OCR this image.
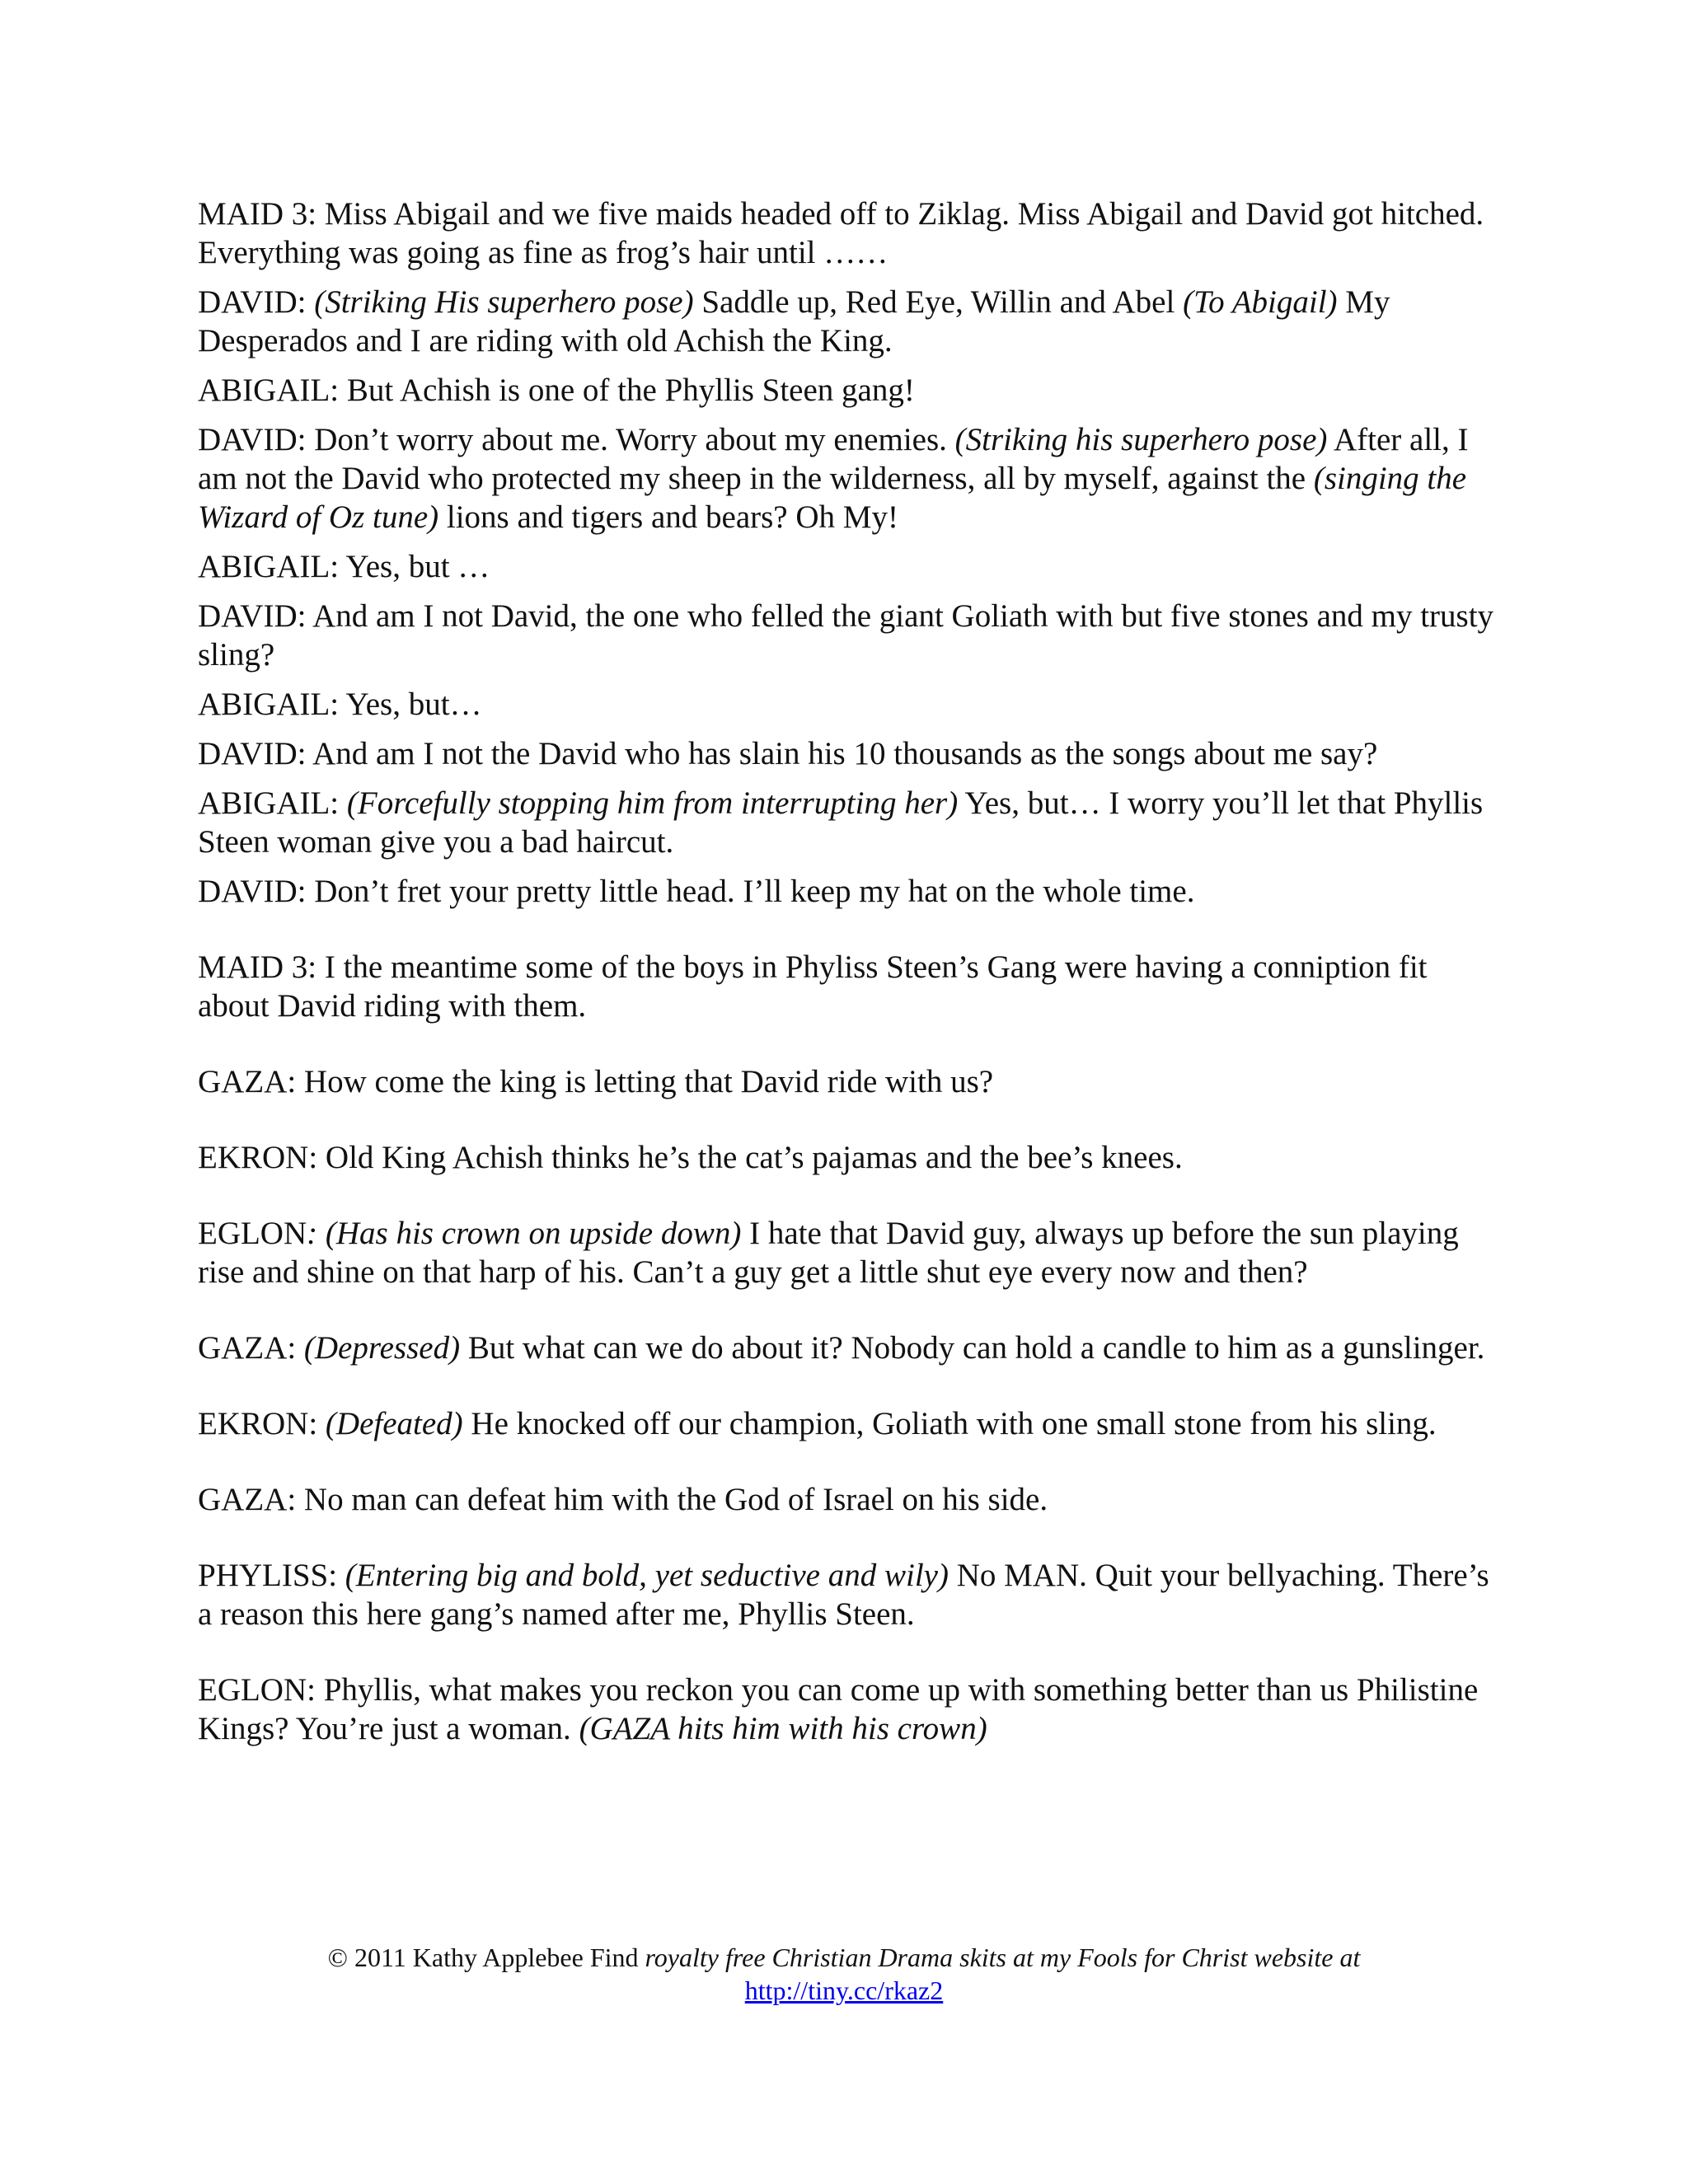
MAID 3: Miss Abigail and we five maids headed off to Ziklag. Miss Abigail and David got hitched. Everything was going as fine as frog’s hair until ……

DAVID: (Striking His superhero pose) Saddle up, Red Eye, Willin and Abel (To Abigail) My Desperados and I are riding with old Achish the King.

ABIGAIL: But Achish is one of the Phyllis Steen gang!

DAVID: Don’t worry about me. Worry about my enemies. (Striking his superhero pose) After all, I am not the David who protected my sheep in the wilderness, all by myself, against the (singing the Wizard of Oz tune) lions and tigers and bears? Oh My!

ABIGAIL: Yes, but …

DAVID: And am I not David, the one who felled the giant Goliath with but five stones and my trusty sling?

ABIGAIL: Yes, but…

DAVID: And am I not the David who has slain his 10 thousands as the songs about me say?

ABIGAIL: (Forcefully stopping him from interrupting her) Yes, but… I worry you’ll let that Phyllis Steen woman give you a bad haircut.

DAVID: Don’t fret your pretty little head. I’ll keep my hat on the whole time.

MAID 3: I the meantime some of the boys in Phyliss Steen’s Gang were having a conniption fit about David riding with them.

GAZA: How come the king is letting that David ride with us?

EKRON: Old King Achish thinks he’s the cat’s pajamas and the bee’s knees.

EGLON: (Has his crown on upside down) I hate that David guy, always up before the sun playing rise and shine on that harp of his. Can’t a guy get a little shut eye every now and then?

GAZA: (Depressed) But what can we do about it? Nobody can hold a candle to him as a gunslinger.

EKRON: (Defeated) He knocked off our champion, Goliath with one small stone from his sling.

GAZA: No man can defeat him with the God of Israel on his side.

PHYLISS: (Entering big and bold, yet seductive and wily) No MAN. Quit your bellyaching. There’s a reason this here gang’s named after me, Phyllis Steen.

EGLON: Phyllis, what makes you reckon you can come up with something better than us Philistine Kings? You’re just a woman. (GAZA hits him with his crown)

© 2011 Kathy Applebee Find royalty free Christian Drama skits at my Fools for Christ website at
http://tiny.cc/rkaz2
